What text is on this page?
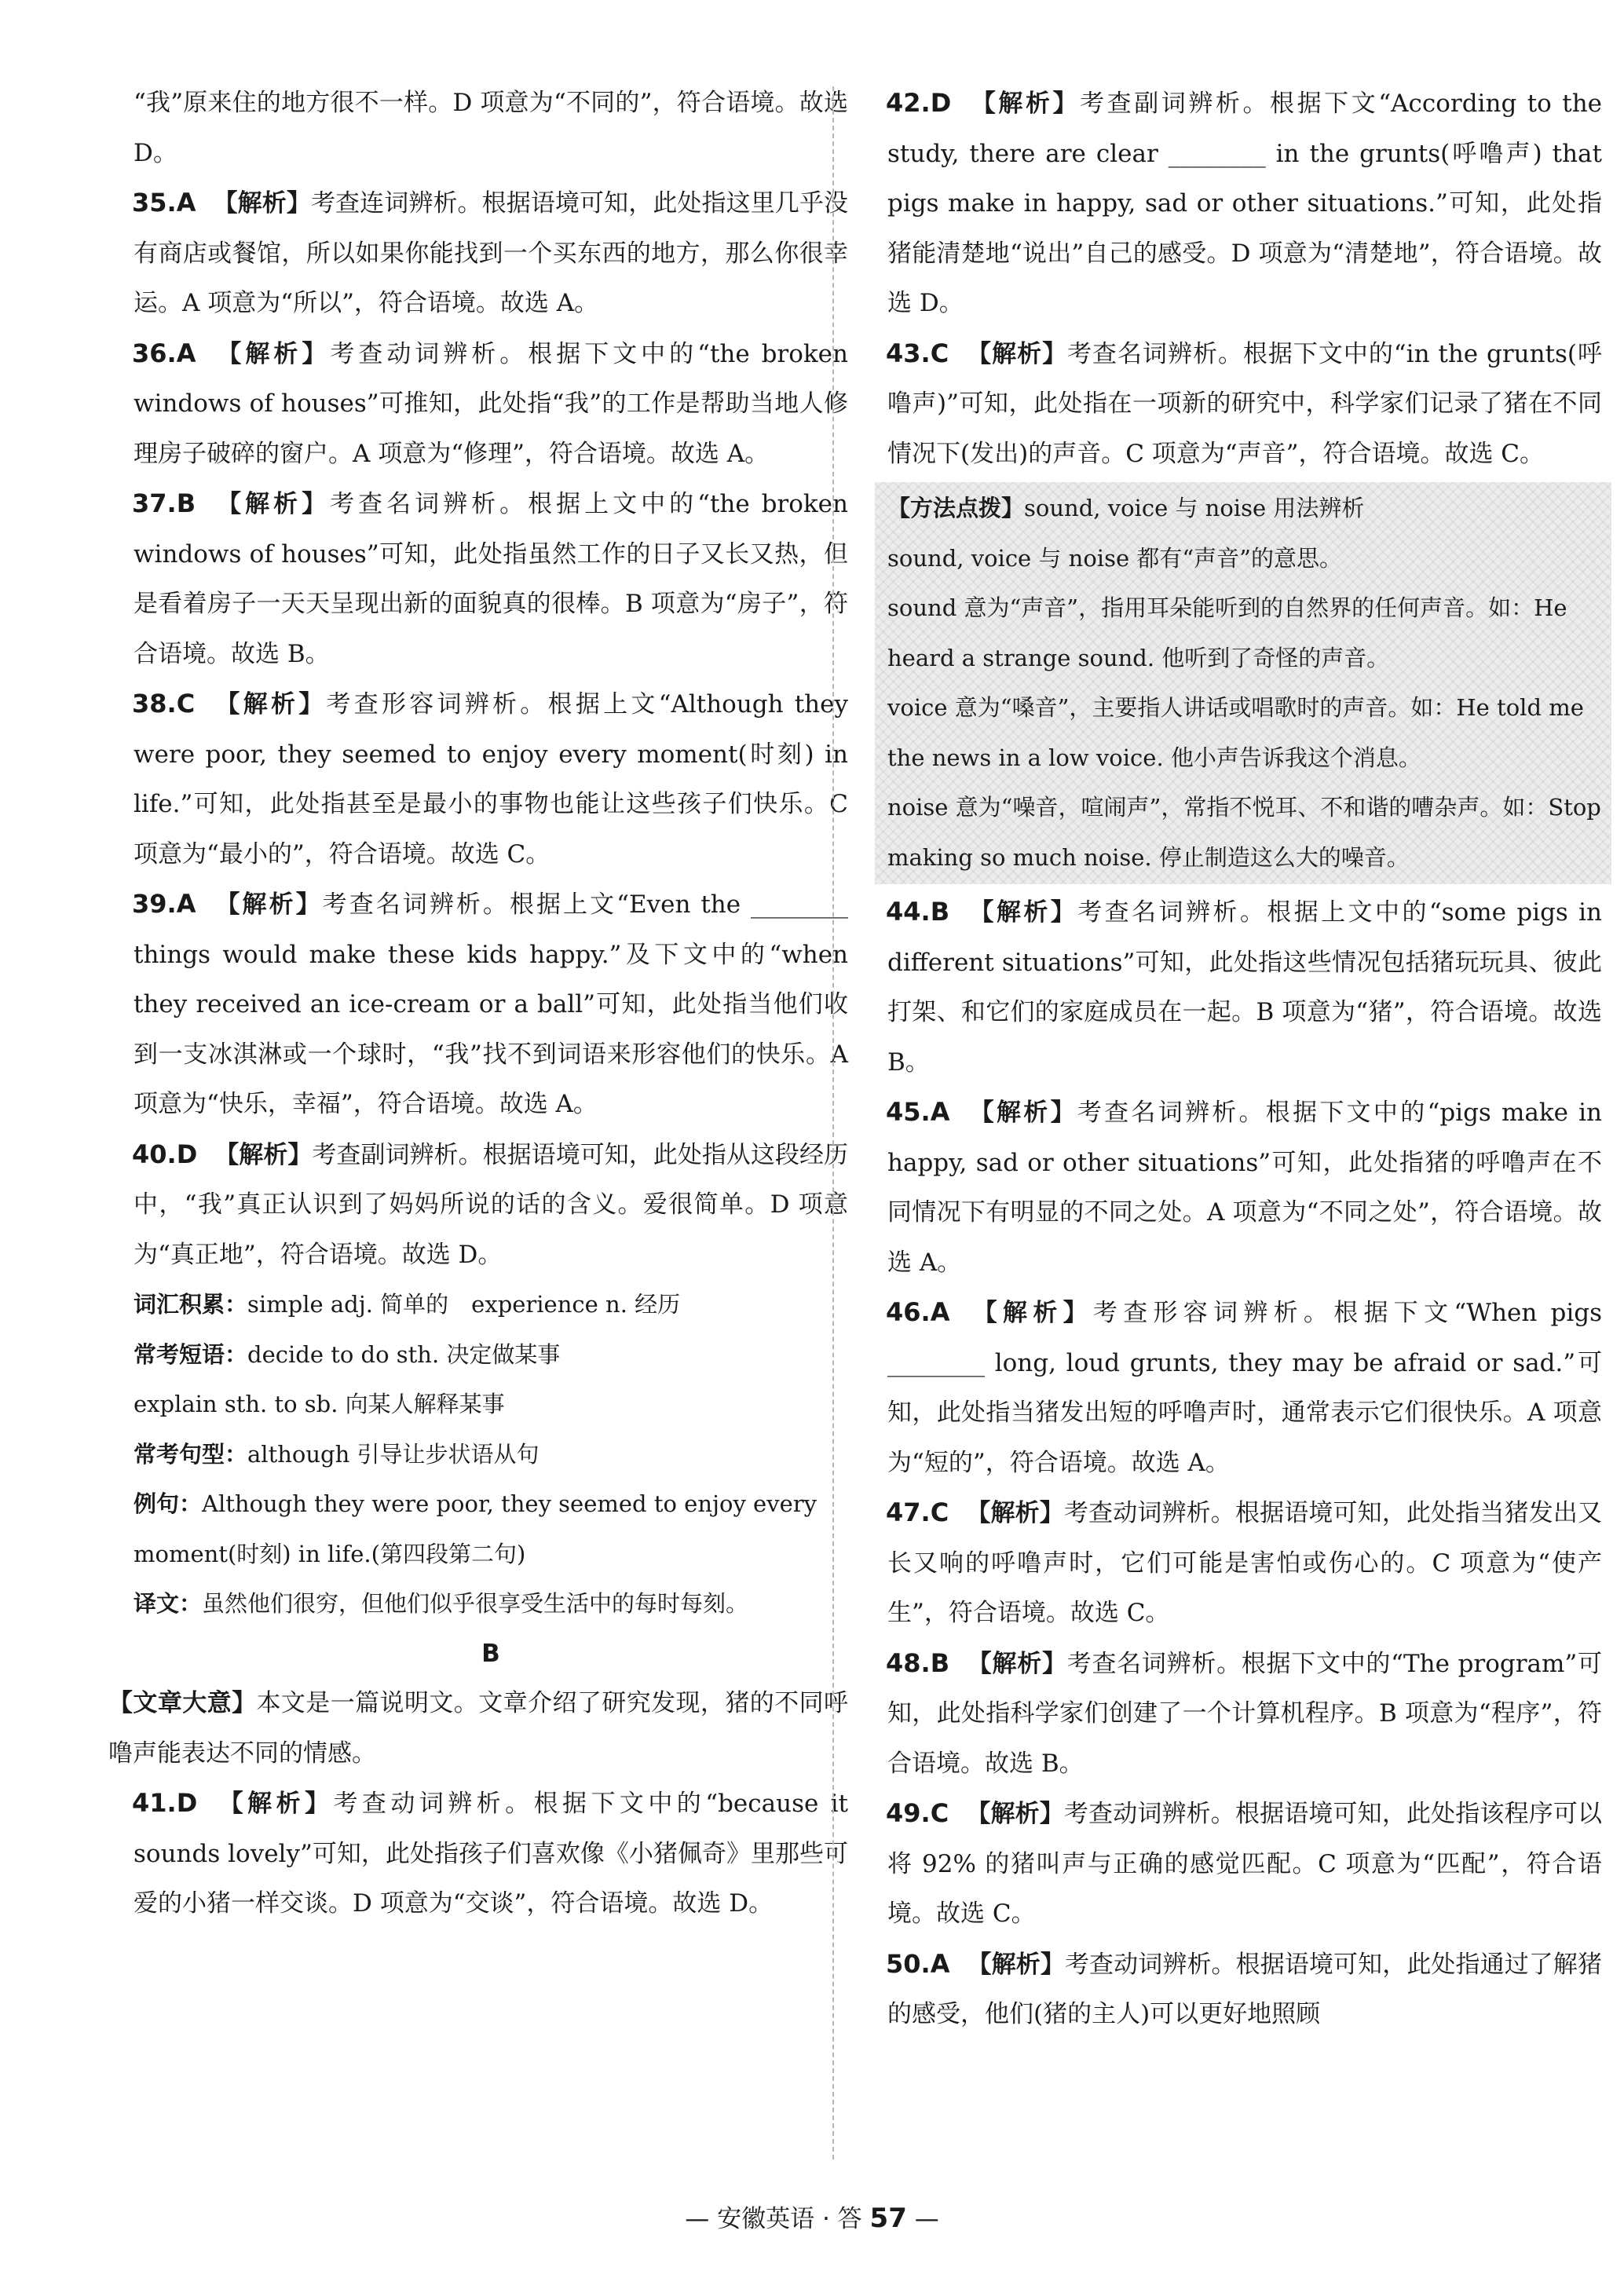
“我”原来住的地方很不一样。D 项意为“不同的”，符合语境。故选 D。

35.A 【解析】考查连词辨析。根据语境可知，此处指这里几乎没有商店或餐馆，所以如果你能找到一个买东西的地方，那么你很幸运。A 项意为“所以”，符合语境。故选 A。

36.A 【解析】考查动词辨析。根据下文中的“the broken windows of houses”可推知，此处指“我”的工作是帮助当地人修理房子破碎的窗户。A 项意为“修理”，符合语境。故选 A。

37.B 【解析】考查名词辨析。根据上文中的“the broken windows of houses”可知，此处指虽然工作的日子又长又热，但是看着房子一天天呈现出新的面貌真的很棒。B 项意为“房子”，符合语境。故选 B。

38.C 【解析】考查形容词辨析。根据上文“Although they were poor, they seemed to enjoy every moment(时刻) in life.”可知，此处指甚至是最小的事物也能让这些孩子们快乐。C 项意为“最小的”，符合语境。故选 C。

39.A 【解析】考查名词辨析。根据上文“Even the ________ things would make these kids happy.”及下文中的“when they received an ice-cream or a ball”可知，此处指当他们收到一支冰淇淋或一个球时，“我”找不到词语来形容他们的快乐。A 项意为“快乐，幸福”，符合语境。故选 A。

40.D 【解析】考查副词辨析。根据语境可知，此处指从这段经历中，“我”真正认识到了妈妈所说的话的含义。爱很简单。D 项意为“真正地”，符合语境。故选 D。

词汇积累：simple adj. 简单的　experience n. 经历

常考短语：decide to do sth. 决定做某事

explain sth. to sb. 向某人解释某事

常考句型：although 引导让步状语从句

例句：Although they were poor, they seemed to enjoy every moment(时刻) in life.(第四段第二句)

译文：虽然他们很穷，但他们似乎很享受生活中的每时每刻。

B

【文章大意】本文是一篇说明文。文章介绍了研究发现，猪的不同呼噜声能表达不同的情感。

41.D 【解析】考查动词辨析。根据下文中的“because it sounds lovely”可知，此处指孩子们喜欢像《小猪佩奇》里那些可爱的小猪一样交谈。D 项意为“交谈”，符合语境。故选 D。

42.D 【解析】考查副词辨析。根据下文“According to the study, there are clear ________ in the grunts(呼噜声) that pigs make in happy, sad or other situations.”可知，此处指猪能清楚地“说出”自己的感受。D 项意为“清楚地”，符合语境。故选 D。

43.C 【解析】考查名词辨析。根据下文中的“in the grunts(呼噜声)”可知，此处指在一项新的研究中，科学家们记录了猪在不同情况下(发出)的声音。C 项意为“声音”，符合语境。故选 C。

【方法点拨】sound, voice 与 noise 用法辨析

sound, voice 与 noise 都有“声音”的意思。

sound 意为“声音”，指用耳朵能听到的自然界的任何声音。如：He heard a strange sound. 他听到了奇怪的声音。

voice 意为“嗓音”，主要指人讲话或唱歌时的声音。如：He told me the news in a low voice. 他小声告诉我这个消息。

noise 意为“噪音，喧闹声”，常指不悦耳、不和谐的嘈杂声。如：Stop making so much noise. 停止制造这么大的噪音。

44.B 【解析】考查名词辨析。根据上文中的“some pigs in different situations”可知，此处指这些情况包括猪玩玩具、彼此打架、和它们的家庭成员在一起。B 项意为“猪”，符合语境。故选 B。

45.A 【解析】考查名词辨析。根据下文中的“pigs make in happy, sad or other situations”可知，此处指猪的呼噜声在不同情况下有明显的不同之处。A 项意为“不同之处”，符合语境。故选 A。

46.A 【解析】考查形容词辨析。根据下文“When pigs ________ long, loud grunts, they may be afraid or sad.”可知，此处指当猪发出短的呼噜声时，通常表示它们很快乐。A 项意为“短的”，符合语境。故选 A。

47.C 【解析】考查动词辨析。根据语境可知，此处指当猪发出又长又响的呼噜声时，它们可能是害怕或伤心的。C 项意为“使产生”，符合语境。故选 C。

48.B 【解析】考查名词辨析。根据下文中的“The program”可知，此处指科学家们创建了一个计算机程序。B 项意为“程序”，符合语境。故选 B。

49.C 【解析】考查动词辨析。根据语境可知，此处指该程序可以将 92% 的猪叫声与正确的感觉匹配。C 项意为“匹配”，符合语境。故选 C。

50.A 【解析】考查动词辨析。根据语境可知，此处指通过了解猪的感受，他们(猪的主人)可以更好地照顾

— 安徽英语 · 答 57 —
